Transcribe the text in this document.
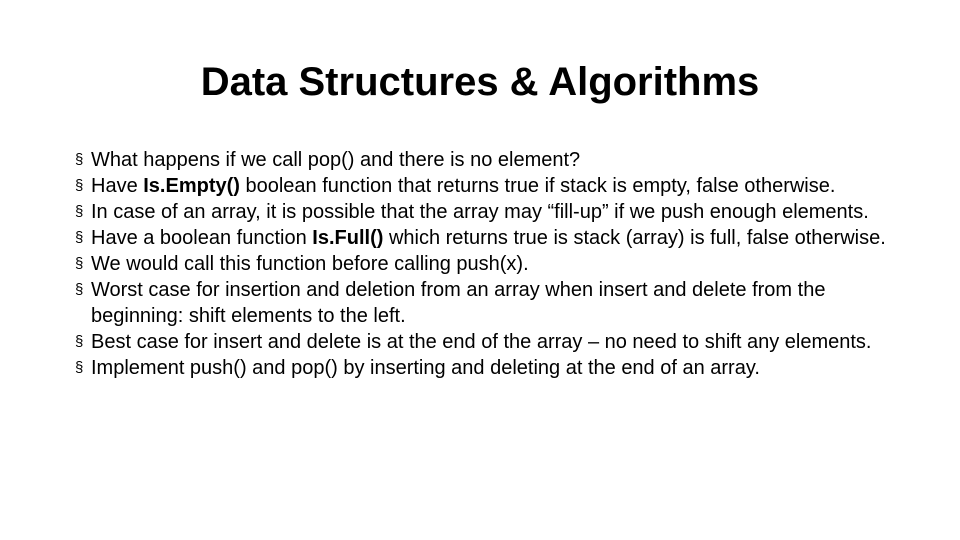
Data Structures & Algorithms
§ What happens if we call pop() and there is no element?
§ Have Is.Empty() boolean function that returns true if stack is empty, false otherwise.
§ In case of an array, it is possible that the array may “fill-up” if we push enough elements.
§ Have a boolean function Is.Full() which returns true is stack (array) is full, false otherwise.
§ We would call this function before calling push(x).
§ Worst case for insertion and deletion from an array when insert and delete from the beginning: shift elements to the left.
§ Best case for insert and delete is at the end of the array – no need to shift any elements.
§ Implement push() and pop() by inserting and deleting at the end of an array.
